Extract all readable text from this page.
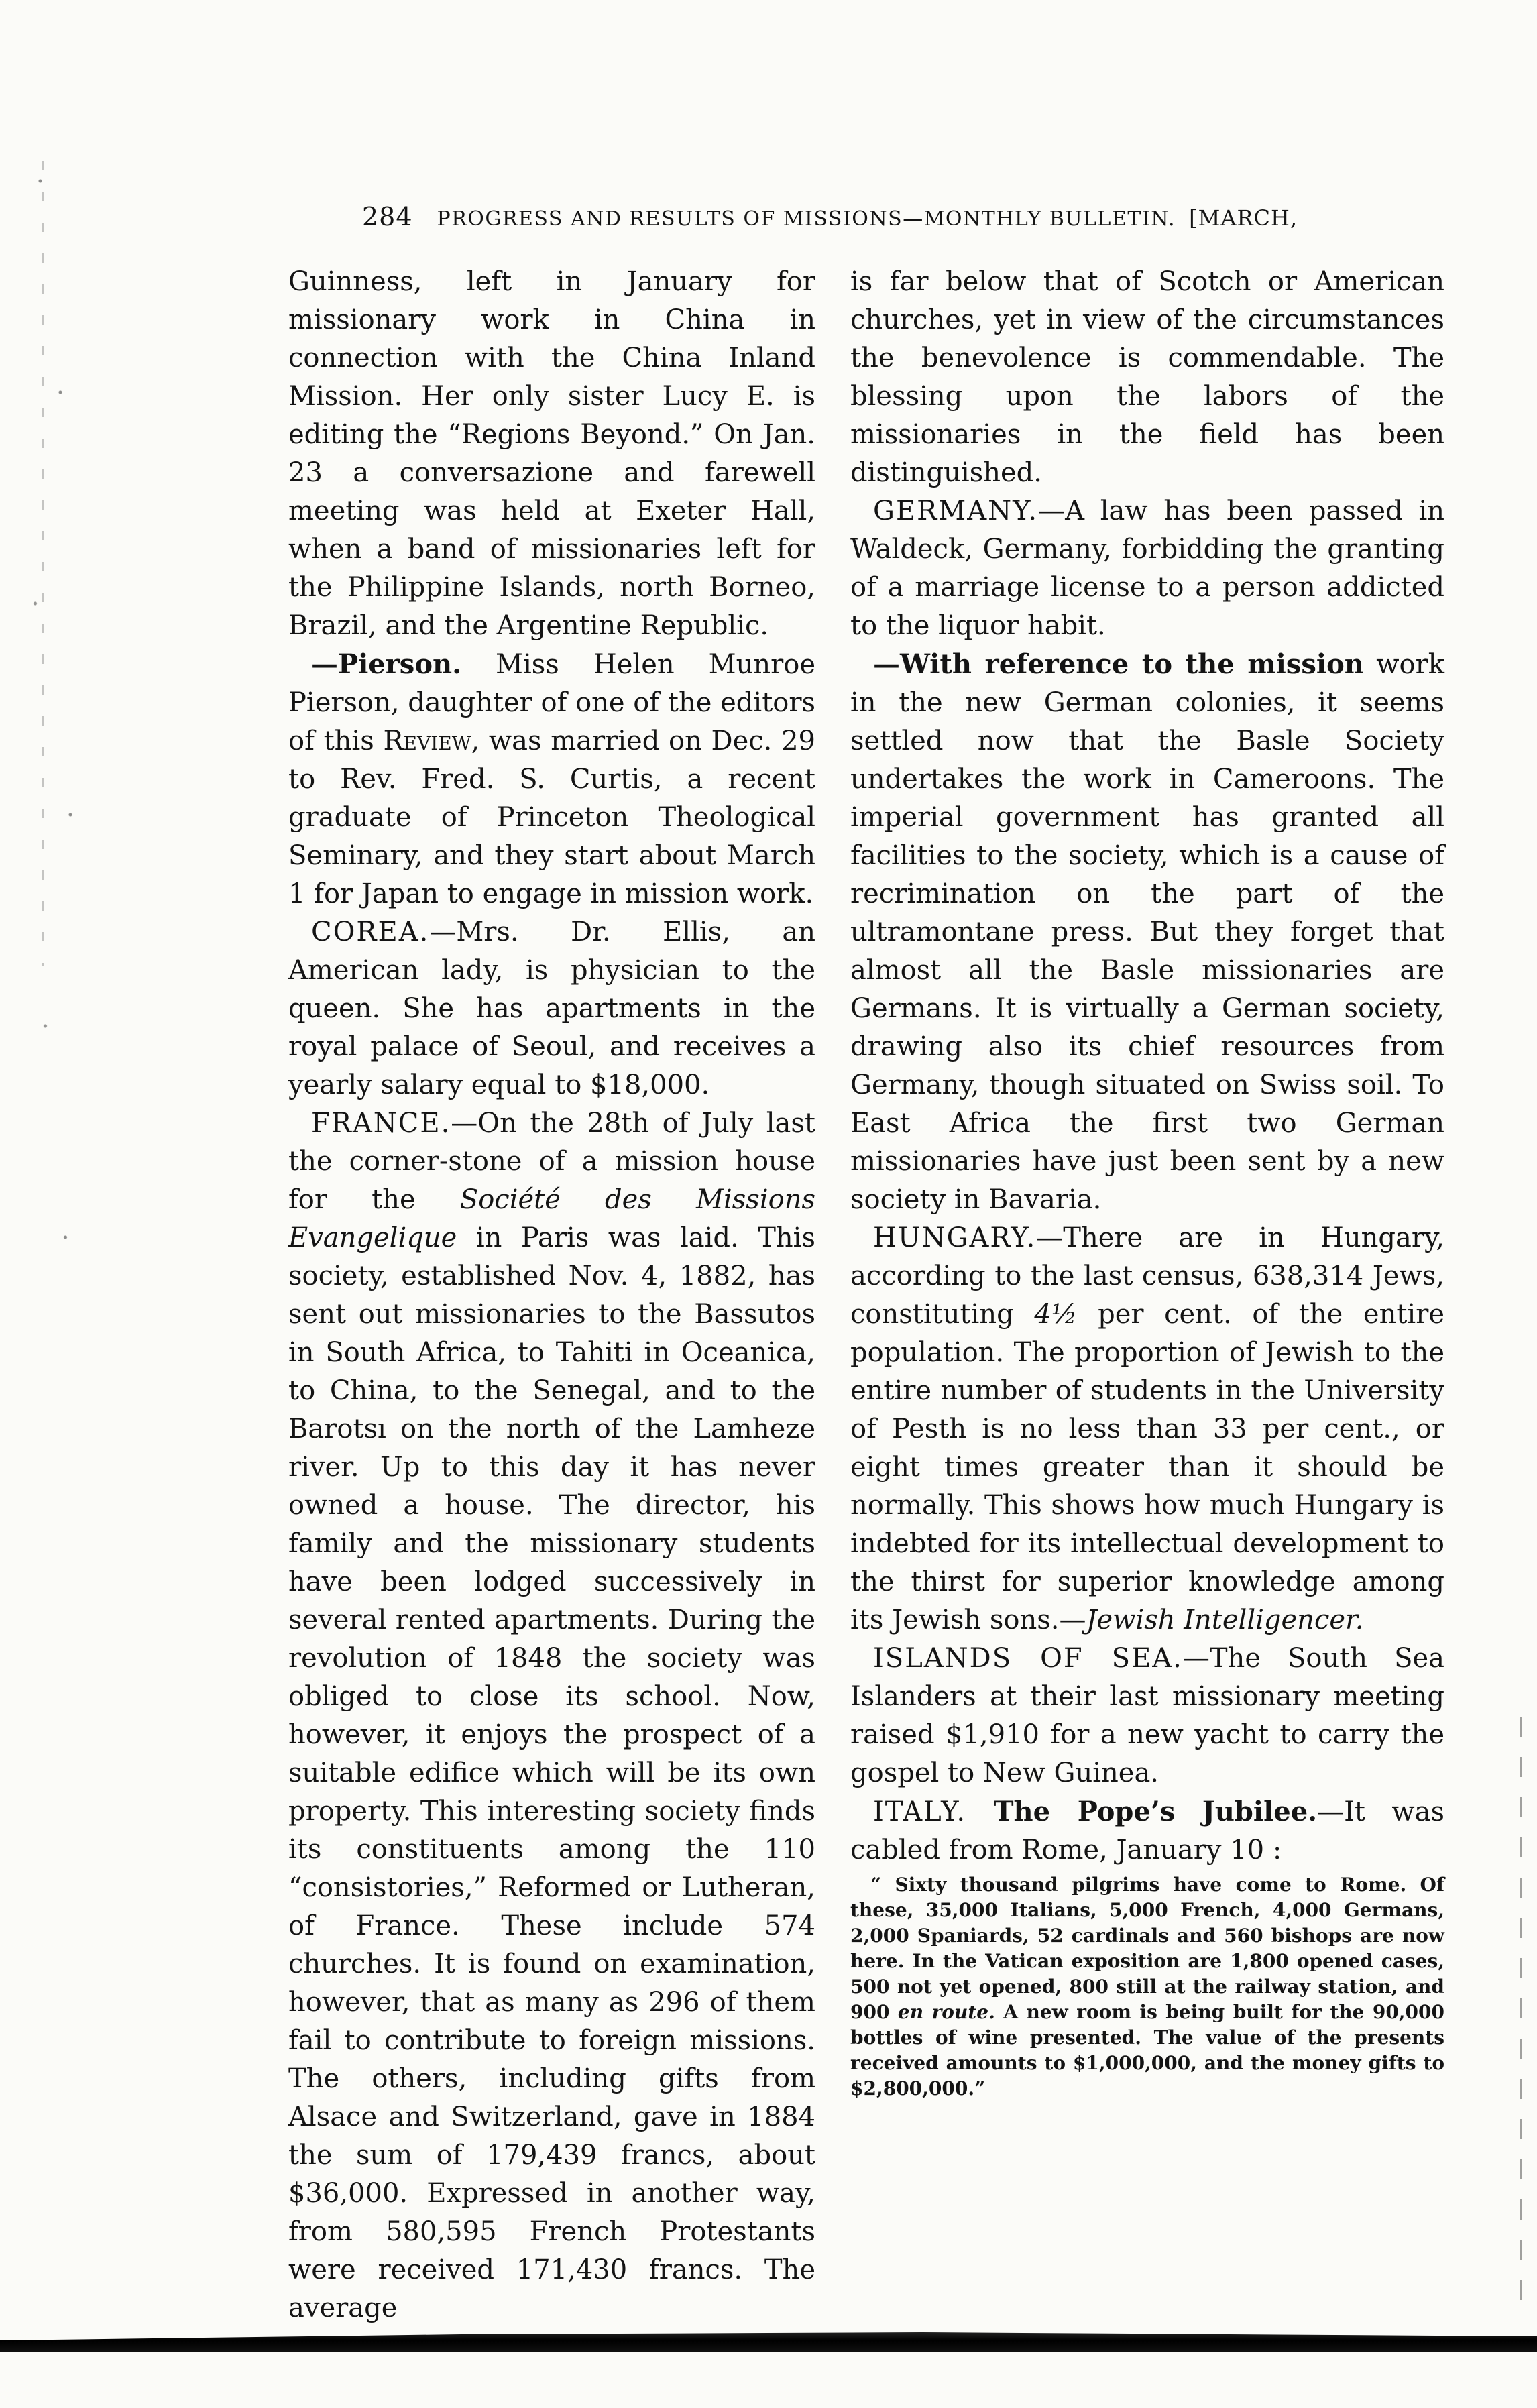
284 PROGRESS AND RESULTS OF MISSIONS—MONTHLY BULLETIN. [MARCH,

Guinness, left in January for missionary work in China in connection with the China Inland Mission. Her only sister Lucy E. is editing the “Regions Beyond.” On Jan. 23 a conversazione and farewell meeting was held at Exeter Hall, when a band of missionaries left for the Philippine Islands, north Borneo, Brazil, and the Argentine Republic.

—Pierson. Miss Helen Munroe Pierson, daughter of one of the editors of this Review, was married on Dec. 29 to Rev. Fred. S. Curtis, a recent graduate of Princeton Theological Seminary, and they start about March 1 for Japan to engage in mission work.

COREA.—Mrs. Dr. Ellis, an American lady, is physician to the queen. She has apartments in the royal palace of Seoul, and receives a yearly salary equal to $18,000.

FRANCE.—On the 28th of July last the corner-stone of a mission house for the Société des Missions Evangelique in Paris was laid. This society, established Nov. 4, 1882, has sent out missionaries to the Bassutos in South Africa, to Tahiti in Oceanica, to China, to the Senegal, and to the Barotsı on the north of the Lamheze river. Up to this day it has never owned a house. The director, his family and the missionary students have been lodged successively in several rented apartments. During the revolution of 1848 the society was obliged to close its school. Now, however, it enjoys the prospect of a suitable edifice which will be its own property. This interesting society finds its constituents among the 110 “consistories,” Reformed or Lutheran, of France. These include 574 churches. It is found on examination, however, that as many as 296 of them fail to contribute to foreign missions. The others, including gifts from Alsace and Switzerland, gave in 1884 the sum of 179,439 francs, about $36,000. Expressed in another way, from 580,595 French Protestants were received 171,430 francs. The average

is far below that of Scotch or American churches, yet in view of the circumstances the benevolence is commendable. The blessing upon the labors of the missionaries in the field has been distinguished.

GERMANY.—A law has been passed in Waldeck, Germany, forbidding the granting of a marriage license to a person addicted to the liquor habit.

—With reference to the mission work in the new German colonies, it seems settled now that the Basle Society undertakes the work in Cameroons. The imperial government has granted all facilities to the society, which is a cause of recrimination on the part of the ultramontane press. But they forget that almost all the Basle missionaries are Germans. It is virtually a German society, drawing also its chief resources from Germany, though situated on Swiss soil. To East Africa the first two German missionaries have just been sent by a new society in Bavaria.

HUNGARY.—There are in Hungary, according to the last census, 638,314 Jews, constituting 4½ per cent. of the entire population. The proportion of Jewish to the entire number of students in the University of Pesth is no less than 33 per cent., or eight times greater than it should be normally. This shows how much Hungary is indebted for its intellectual development to the thirst for superior knowledge among its Jewish sons.—Jewish Intelligencer.

ISLANDS OF SEA.—The South Sea Islanders at their last missionary meeting raised $1,910 for a new yacht to carry the gospel to New Guinea.

ITALY. The Pope’s Jubilee.—It was cabled from Rome, January 10 :

“ Sixty thousand pilgrims have come to Rome. Of these, 35,000 Italians, 5,000 French, 4,000 Germans, 2,000 Spaniards, 52 cardinals and 560 bishops are now here. In the Vatican exposition are 1,800 opened cases, 500 not yet opened, 800 still at the railway station, and 900 en route. A new room is being built for the 90,000 bottles of wine presented. The value of the presents received amounts to $1,000,000, and the money gifts to $2,800,000.”
